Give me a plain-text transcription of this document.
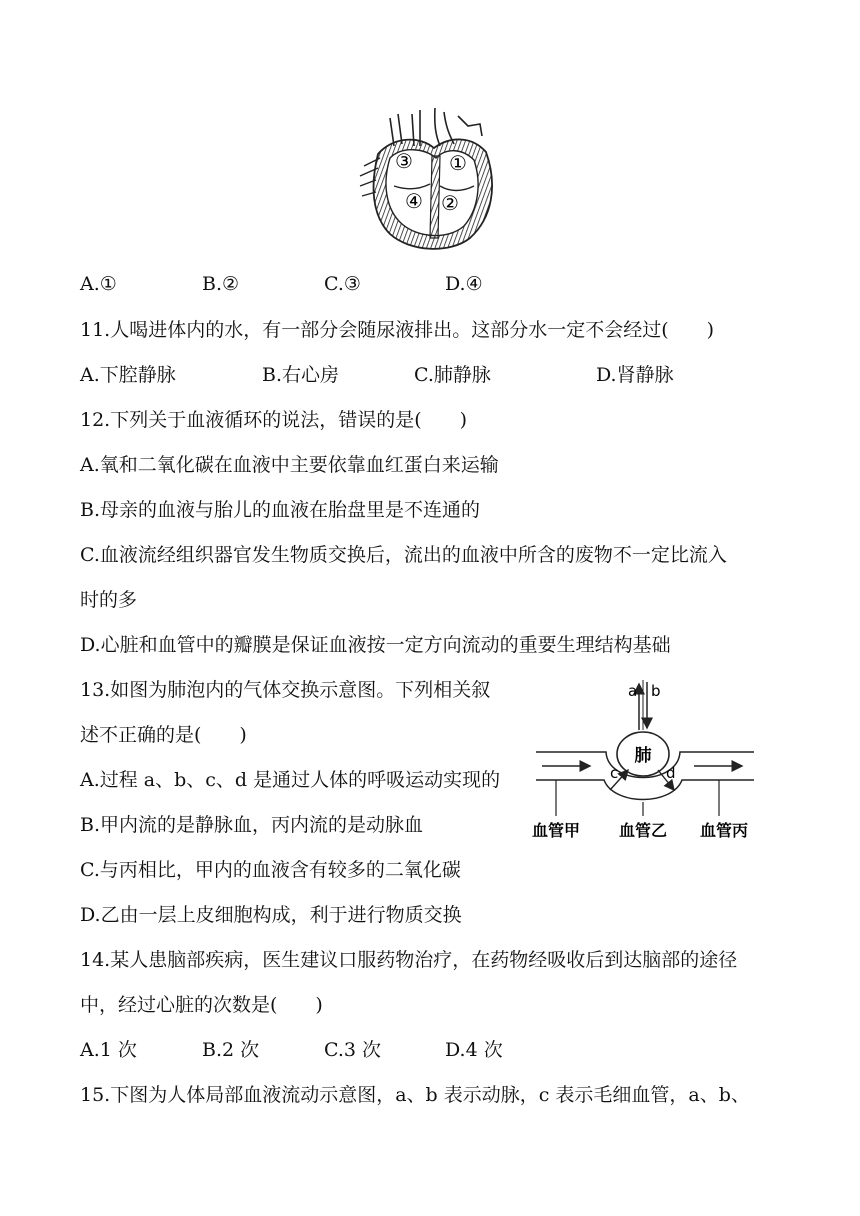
③ ①
④ ②
A.①	B.②	C.③	D.④
11.人喝进体内的水，有一部分会随尿液排出。这部分水一定不会经过(　　)
A.下腔静脉	B.右心房	C.肺静脉	D.肾静脉
12.下列关于血液循环的说法，错误的是(　　)
A.氧和二氧化碳在血液中主要依靠血红蛋白来运输
B.母亲的血液与胎儿的血液在胎盘里是不连通的
C.血液流经组织器官发生物质交换后，流出的血液中所含的废物不一定比流入
时的多
D.心脏和血管中的瓣膜是保证血液按一定方向流动的重要生理结构基础
13.如图为肺泡内的气体交换示意图。下列相关叙
述不正确的是(　　)
A.过程 a、b、c、d 是通过人体的呼吸运动实现的
B.甲内流的是静脉血，丙内流的是动脉血
C.与丙相比，甲内的血液含有较多的二氧化碳
D.乙由一层上皮细胞构成，利于进行物质交换
a b
肺
c	d
血管甲 血管乙 血管丙
14.某人患脑部疾病，医生建议口服药物治疗，在药物经吸收后到达脑部的途径
中，经过心脏的次数是(　　)
A.1 次	B.2 次	C.3 次	D.4 次
15.下图为人体局部血液流动示意图，a、b 表示动脉，c 表示毛细血管，a、b、
